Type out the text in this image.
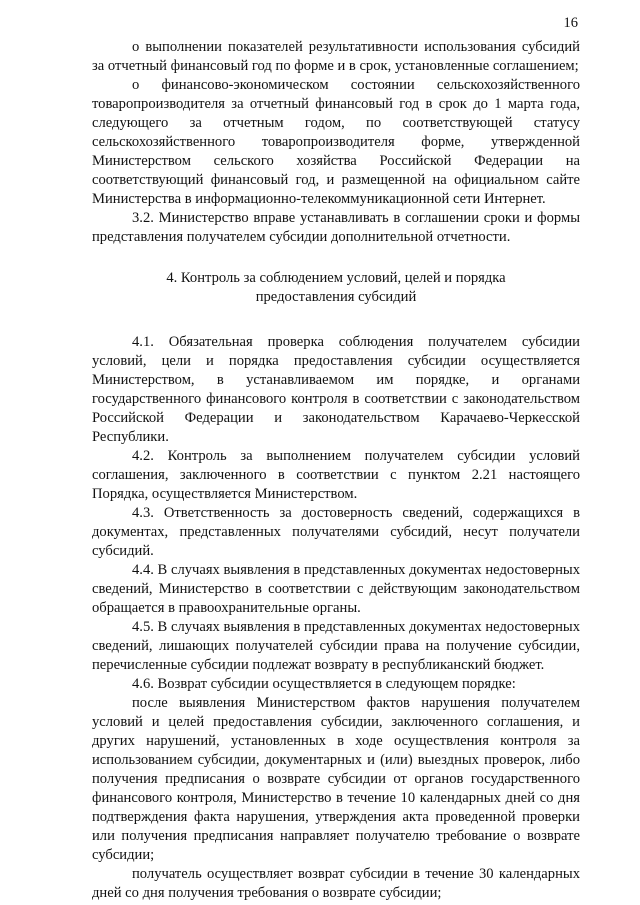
16

о выполнении показателей результативности использования субсидий за отчетный финансовый год по форме и в срок, установленные соглашением;

о финансово-экономическом состоянии сельскохозяйственного товаропроизводителя за отчетный финансовый год в срок до 1 марта года, следующего за отчетным годом, по соответствующей статусу сельскохозяйственного товаропроизводителя форме, утвержденной Министерством сельского хозяйства Российской Федерации на соответствующий финансовый год, и размещенной на официальном сайте Министерства в информационно-телекоммуникационной сети Интернет.

3.2. Министерство вправе устанавливать в соглашении сроки и формы представления получателем субсидии дополнительной отчетности.

4. Контроль за соблюдением условий, целей и порядка
предоставления субсидий

4.1. Обязательная проверка соблюдения получателем субсидии условий, цели и порядка предоставления субсидии осуществляется Министерством, в устанавливаемом им порядке, и органами государственного финансового контроля в соответствии с законодательством Российской Федерации и законодательством Карачаево-Черкесской Республики.

4.2. Контроль за выполнением получателем субсидии условий соглашения, заключенного в соответствии с пунктом 2.21 настоящего Порядка, осуществляется Министерством.

4.3. Ответственность за достоверность сведений, содержащихся в документах, представленных получателями субсидий, несут получатели субсидий.

4.4. В случаях выявления в представленных документах недостоверных сведений, Министерство в соответствии с действующим законодательством обращается в правоохранительные органы.

4.5. В случаях выявления в представленных документах недостоверных сведений, лишающих получателей субсидии права на получение субсидии, перечисленные субсидии подлежат возврату в республиканский бюджет.

4.6. Возврат субсидии осуществляется в следующем порядке:

после выявления Министерством фактов нарушения получателем условий и целей предоставления субсидии, заключенного соглашения, и других нарушений, установленных в ходе осуществления контроля за использованием субсидии, документарных и (или) выездных проверок, либо получения предписания о возврате субсидии от органов государственного финансового контроля, Министерство в течение 10 календарных дней со дня подтверждения факта нарушения, утверждения акта проведенной проверки или получения предписания направляет получателю требование о возврате субсидии;

получатель осуществляет возврат субсидии в течение 30 календарных дней со дня получения требования о возврате субсидии;
